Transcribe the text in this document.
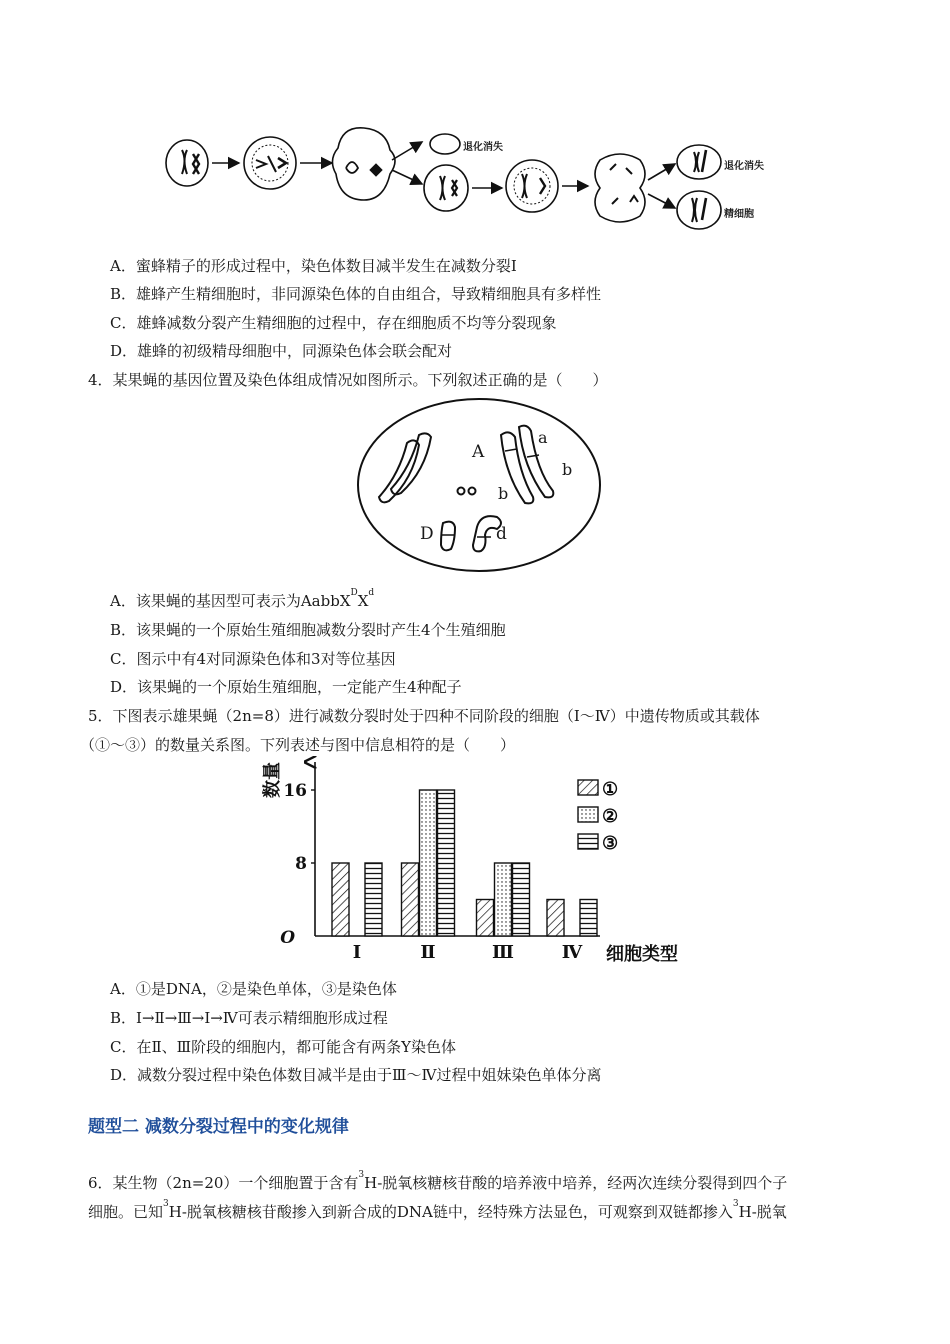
退化消失
退化消失
精细胞
A．蜜蜂精子的形成过程中，染色体数目减半发生在减数分裂Ⅰ
B．雄蜂产生精细胞时，非同源染色体的自由组合，导致精细胞具有多样性
C．雄蜂减数分裂产生精细胞的过程中，存在细胞质不均等分裂现象
D．雄蜂的初级精母细胞中，同源染色体会联会配对
4．某果蝇的基因位置及染色体组成情况如图所示。下列叙述正确的是（　　）
A
a
b
b
D	d
A．该果蝇的基因型可表示为$AabbX^DX^d$
B．该果蝇的一个原始生殖细胞减数分裂时产生4个生殖细胞
C．图示中有4对同源染色体和3对等位基因
D．该果蝇的一个原始生殖细胞，一定能产生4种配子
5．下图表示雄果蝇（2n=8）进行减数分裂时处于四种不同阶段的细胞（Ⅰ～Ⅳ）中遗传物质或其载体
（①～③）的数量关系图。下列表述与图中信息相符的是（　　）
16
8
O
数量
细胞类型
Ⅰ	Ⅱ	Ⅲ	Ⅳ
①
②
③
A．①是DNA，②是染色单体，③是染色体
B．Ⅰ→Ⅱ→Ⅲ→Ⅰ→Ⅳ可表示精细胞形成过程
C．在Ⅱ、Ⅲ阶段的细胞内，都可能含有两条Y染色体
D．减数分裂过程中染色体数目减半是由于Ⅲ～Ⅳ过程中姐妹染色单体分离
题型二 减数分裂过程中的变化规律
6．某生物（2n=20）一个细胞置于含有$^3$H-脱氧核糖核苷酸的培养液中培养，经两次连续分裂得到四个子
细胞。已知$^3$H-脱氧核糖核苷酸掺入到新合成的DNA链中，经特殊方法显色，可观察到双链都掺入$^3$H-脱氧
